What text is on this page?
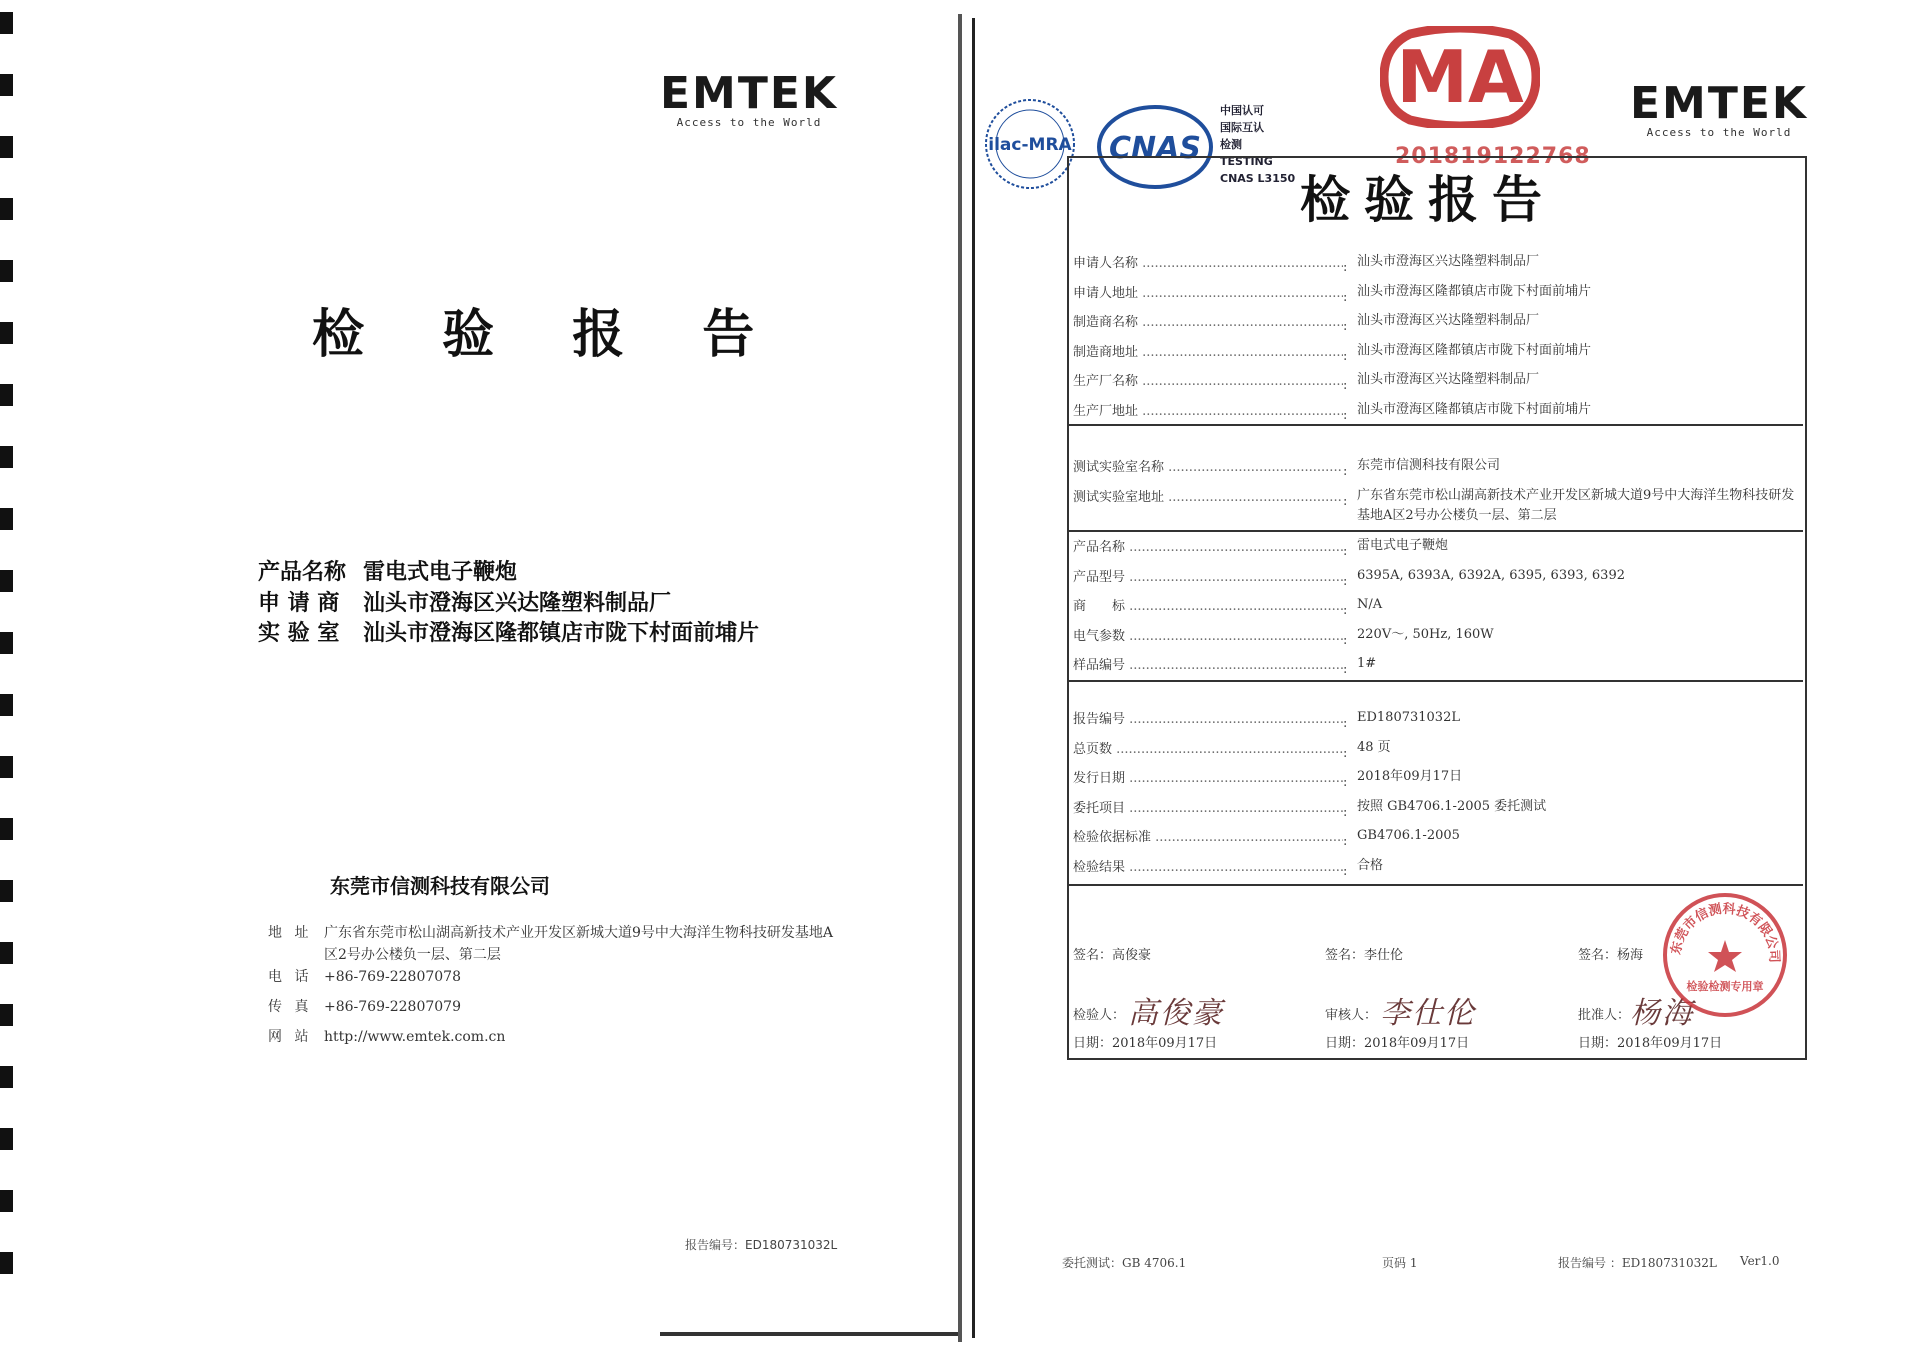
EMTEK
Access to the World
检 验 报 告
产品名称 雷电式电子鞭炮
申 请 商 汕头市澄海区兴达隆塑料制品厂
实 验 室 汕头市澄海区隆都镇店市陇下村面前埔片
东莞市信测科技有限公司
地 址 广东省东莞市松山湖高新技术产业开发区新城大道9号中大海洋生物科技研发基地A区2号办公楼负一层、第二层
电 话 +86-769-22807078
传 真 +86-769-22807079
网 站 http://www.emtek.com.cn
报告编号：ED180731032L
ilac-MRA CNAS
中国认可
国际互认
检测
TESTING
CNAS L3150
MA
201819122768
EMTEK
Access to the World
检验报告
申请人名称 .....	: 汕头市澄海区兴达隆塑料制品厂
申请人地址 .....	: 汕头市澄海区隆都镇店市陇下村面前埔片
制造商名称 .....	: 汕头市澄海区兴达隆塑料制品厂
制造商地址 .....	: 汕头市澄海区隆都镇店市陇下村面前埔片
生产厂名称 .....	: 汕头市澄海区兴达隆塑料制品厂
生产厂地址 .....	: 汕头市澄海区隆都镇店市陇下村面前埔片
测试实验室名称 .....	: 东莞市信测科技有限公司
测试实验室地址 .....	: 广东省东莞市松山湖高新技术产业开发区新城大道9号中大海洋生物科技研发基地A区2号办公楼负一层、第二层
产品名称 .....	: 雷电式电子鞭炮
产品型号 .....	: 6395A, 6393A, 6392A, 6395, 6393, 6392
商　　标 .....	: N/A
电气参数 .....	: 220V～, 50Hz, 160W
样品编号 .....	: 1#
报告编号 .....	: ED180731032L
总页数 .....	: 48 页
发行日期 .....	: 2018年09月17日
委托项目 .....	: 按照 GB4706.1-2005 委托测试
检验依据标准 .....	: GB4706.1-2005
检验结果 .....	: 合格
签名：高俊豪	签名：李仕伦	签名：杨海
检验人：	审核人：	批准人：
高俊豪	李仕伦	杨海
日期：2018年09月17日	日期：2018年09月17日	日期：2018年09月17日
东莞市信测科技有限公司
检验检测专用章
委托测试：GB 4706.1	页码 1	报告编号 ：ED180731032L Ver1.0
